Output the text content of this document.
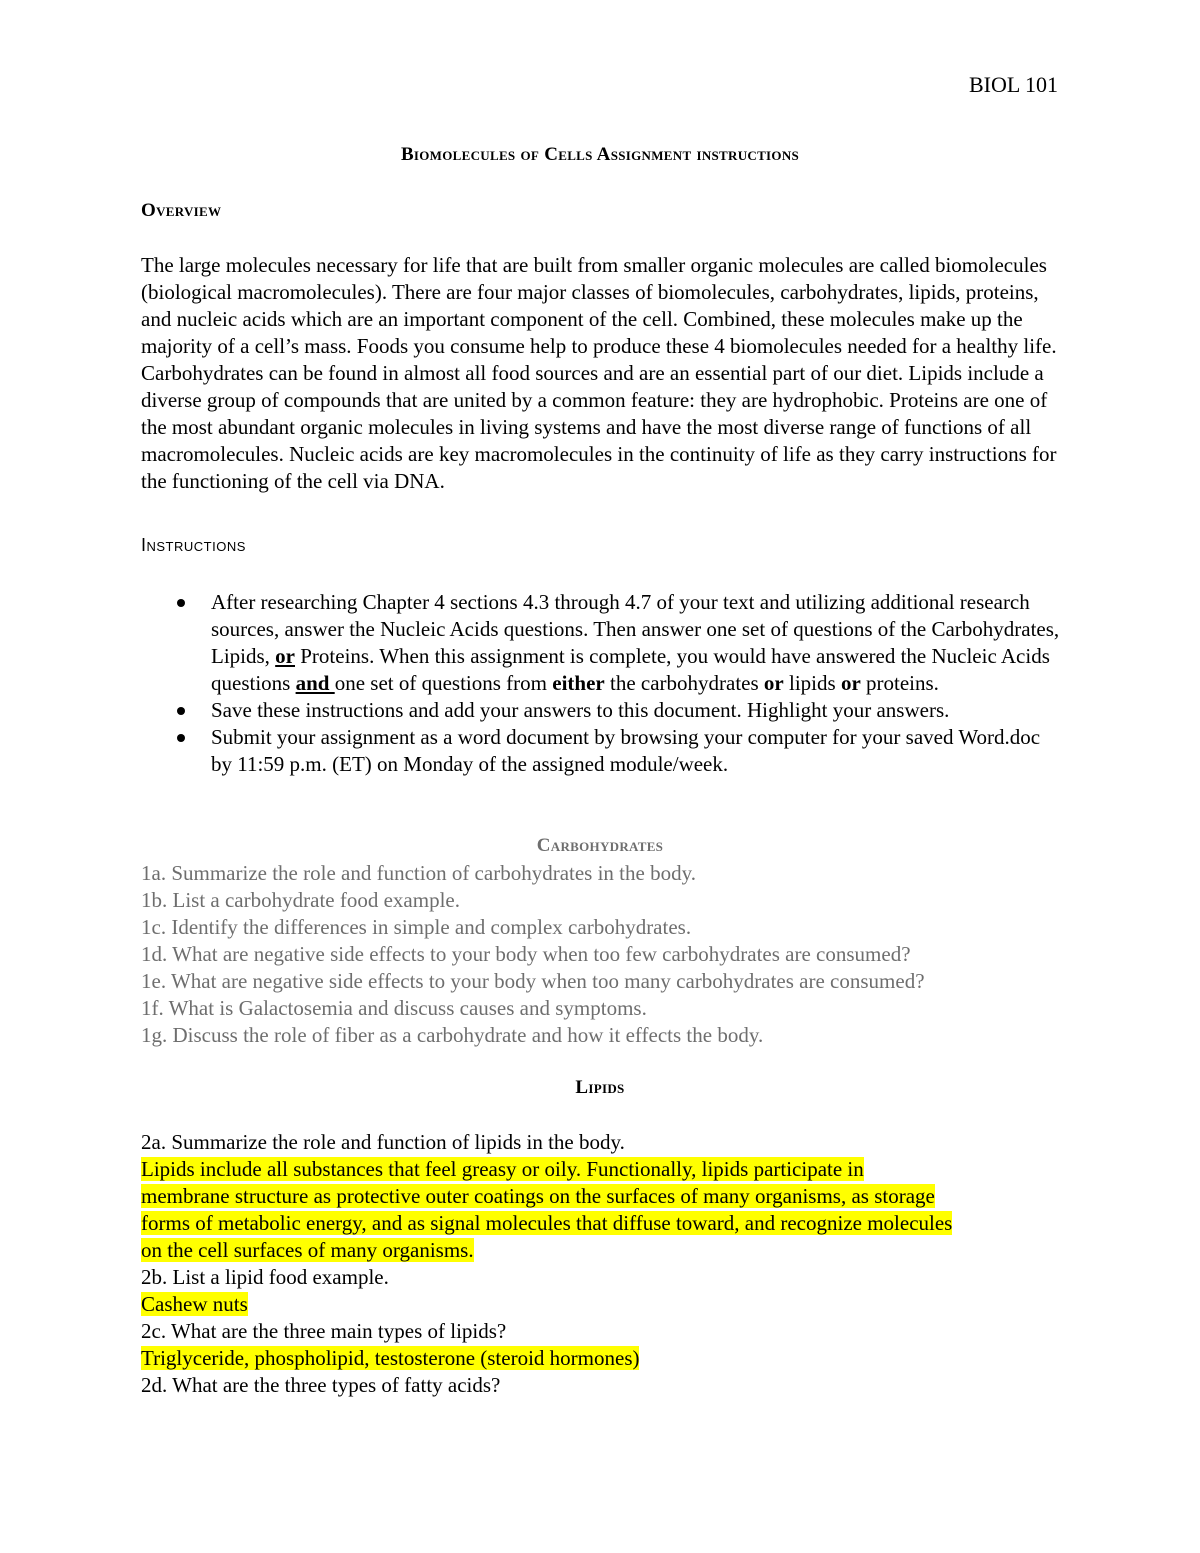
BIOL 101
Biomolecules of Cells Assignment instructions
Overview
The large molecules necessary for life that are built from smaller organic molecules are called biomolecules (biological macromolecules). There are four major classes of biomolecules, carbohydrates, lipids, proteins, and nucleic acids which are an important component of the cell. Combined, these molecules make up the majority of a cell’s mass. Foods you consume help to produce these 4 biomolecules needed for a healthy life. Carbohydrates can be found in almost all food sources and are an essential part of our diet. Lipids include a diverse group of compounds that are united by a common feature: they are hydrophobic. Proteins are one of the most abundant organic molecules in living systems and have the most diverse range of functions of all macromolecules. Nucleic acids are key macromolecules in the continuity of life as they carry instructions for the functioning of the cell via DNA.
Instructions
After researching Chapter 4 sections 4.3 through 4.7 of your text and utilizing additional research sources, answer the Nucleic Acids questions. Then answer one set of questions of the Carbohydrates, Lipids, or Proteins. When this assignment is complete, you would have answered the Nucleic Acids questions and one set of questions from either the carbohydrates or lipids or proteins.
Save these instructions and add your answers to this document. Highlight your answers.
Submit your assignment as a word document by browsing your computer for your saved Word.doc by 11:59 p.m. (ET) on Monday of the assigned module/week.
Carbohydrates
1a. Summarize the role and function of carbohydrates in the body.
1b. List a carbohydrate food example.
1c. Identify the differences in simple and complex carbohydrates.
1d. What are negative side effects to your body when too few carbohydrates are consumed?
1e. What are negative side effects to your body when too many carbohydrates are consumed?
1f. What is Galactosemia and discuss causes and symptoms.
1g. Discuss the role of fiber as a carbohydrate and how it effects the body.
Lipids
2a. Summarize the role and function of lipids in the body.
Lipids include all substances that feel greasy or oily. Functionally, lipids participate in
membrane structure as protective outer coatings on the surfaces of many organisms, as storage
forms of metabolic energy, and as signal molecules that diffuse toward, and recognize molecules
on the cell surfaces of many organisms.
2b. List a lipid food example.
Cashew nuts
2c. What are the three main types of lipids?
Triglyceride, phospholipid, testosterone (steroid hormones)
2d. What are the three types of fatty acids?
